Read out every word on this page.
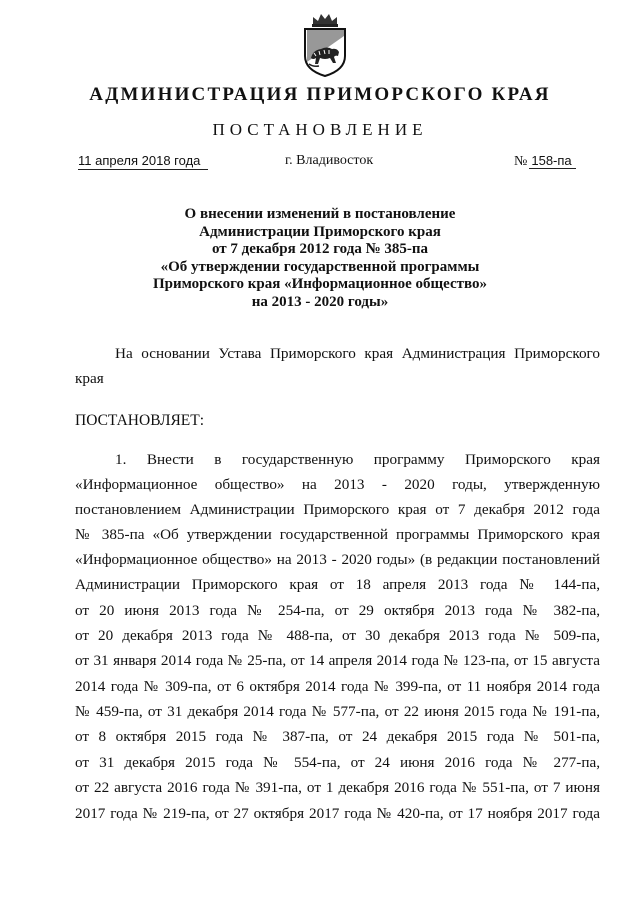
АДМИНИСТРАЦИЯ ПРИМОРСКОГО КРАЯ
ПОСТАНОВЛЕНИЕ
11 апреля 2018 года	г. Владивосток	№ 158-па
О внесении изменений в постановление
Администрации Приморского края
от 7 декабря 2012 года № 385-па
«Об утверждении государственной программы
Приморского края «Информационное общество»
на 2013 - 2020 годы»
На основании Устава Приморского края Администрация Приморского
края
ПОСТАНОВЛЯЕТ:
1. Внести в государственную программу Приморского края
«Информационное общество» на 2013 - 2020 годы, утвержденную
постановлением Администрации Приморского края от 7 декабря 2012 года
№ 385-па «Об утверждении государственной программы Приморского края
«Информационное общество» на 2013 - 2020 годы» (в редакции постановлений
Администрации Приморского края от 18 апреля 2013 года № 144-па,
от 20 июня 2013 года № 254-па, от 29 октября 2013 года № 382-па,
от 20 декабря 2013 года № 488-па, от 30 декабря 2013 года № 509-па,
от 31 января 2014 года № 25-па, от 14 апреля 2014 года № 123-па, от 15 августа
2014 года № 309-па, от 6 октября 2014 года № 399-па, от 11 ноября 2014 года
№ 459-па, от 31 декабря 2014 года № 577-па, от 22 июня 2015 года № 191-па,
от 8 октября 2015 года № 387-па, от 24 декабря 2015 года № 501-па,
от 31 декабря 2015 года № 554-па, от 24 июня 2016 года № 277-па,
от 22 августа 2016 года № 391-па, от 1 декабря 2016 года № 551-па, от 7 июня
2017 года № 219-па, от 27 октября 2017 года № 420-па, от 17 ноября 2017 года
